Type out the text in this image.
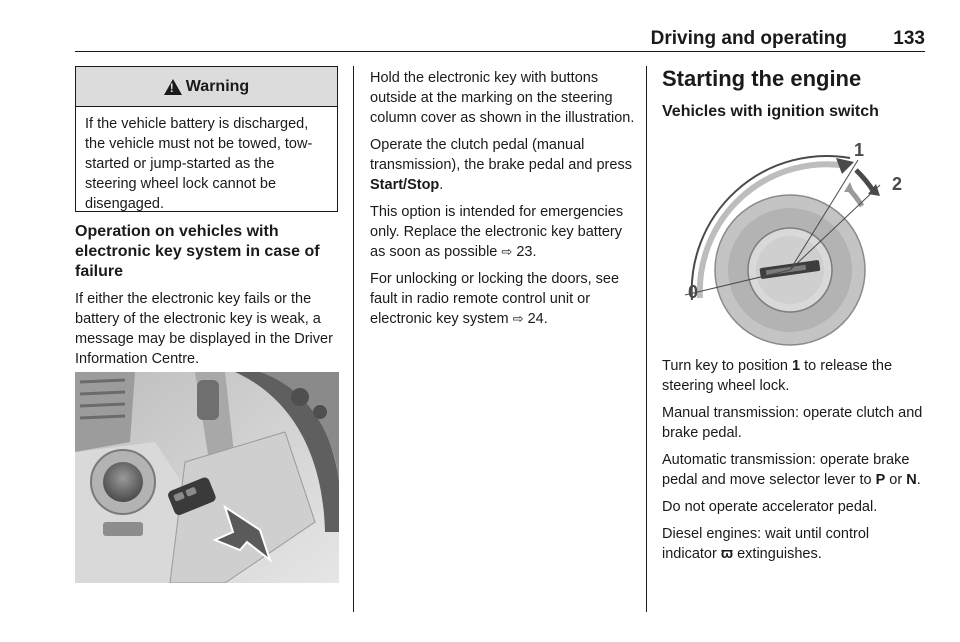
Driving and operating 133
!
Warning
If the vehicle battery is discharged, the vehicle must not be towed, tow-started or jump-started as the steering wheel lock cannot be disengaged.
Operation on vehicles with electronic key system in case of failure

If either the electronic key fails or the battery of the electronic key is weak, a message may be displayed in the Driver Information Centre.

Hold the electronic key with buttons outside at the marking on the steering column cover as shown in the illustration.

Operate the clutch pedal (manual transmission), the brake pedal and press Start/Stop.

This option is intended for emergencies only. Replace the electronic key battery as soon as possible ⇨ 23.

For unlocking or locking the doors, see fault in radio remote control unit or electronic key system ⇨ 24.

Starting the engine
Vehicles with ignition switch
0
1
2

Turn key to position 1 to release the steering wheel lock.

Manual transmission: operate clutch and brake pedal.

Automatic transmission: operate brake pedal and move selector lever to P or N.

Do not operate accelerator pedal.

Diesel engines: wait until control indicator ϖ extinguishes.
